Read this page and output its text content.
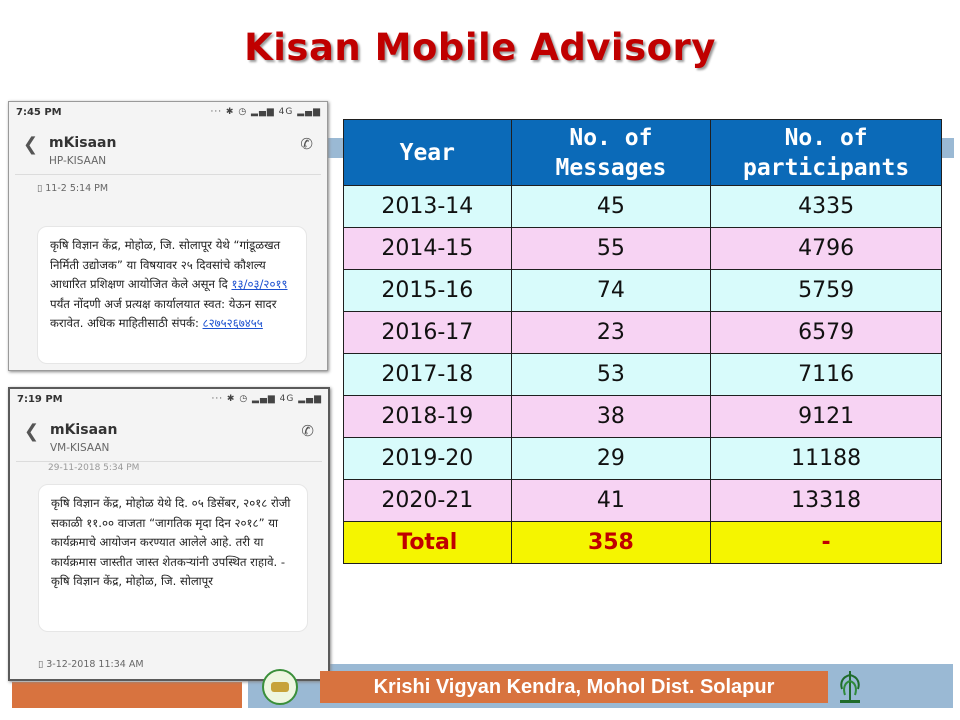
Kisan Mobile Advisory
7:45 PM	··· ✱ ◷ ▂▄▆ 4G ▂▄▆
❮ mKisaan
HP-KISAAN
✆
▯ 11-2 5:14 PM
कृषि विज्ञान केंद्र, मोहोळ, जि. सोलापूर येथे “गांडूळखत निर्मिती उद्योजक” या विषयावर २५ दिवसांचे कौशल्य आधारित प्रशिक्षण आयोजित केले असून दि १३/०३/२०१९ पर्यंत नोंदणी अर्ज प्रत्यक्ष कार्यालयात स्वत: येऊन सादर करावेत. अधिक माहितीसाठी संपर्क: ८२७५२६७४५५
7:19 PM	··· ✱ ◷ ▂▄▆ 4G ▂▄▆
❮ mKisaan
VM-KISAAN
✆
29-11-2018 5:34 PM
कृषि विज्ञान केंद्र, मोहोळ येथे दि. ०५ डिसेंबर, २०१८ रोजी सकाळी ११.०० वाजता “जागतिक मृदा दिन २०१८” या कार्यक्रमाचे आयोजन करण्यात आलेले आहे. तरी या कार्यक्रमास जास्तीत जास्त शेतकऱ्यांनी उपस्थित राहावे. - कृषि विज्ञान केंद्र, मोहोळ, जि. सोलापूर
▯ 3-12-2018 11:34 AM
Year	No. of Messages	No. of participants
2013-14	45	4335
2014-15	55	4796
2015-16	74	5759
2016-17	23	6579
2017-18	53	7116
2018-19	38	9121
2019-20	29	11188
2020-21	41	13318
Total	358	-
Krishi Vigyan Kendra, Mohol Dist. Solapur
